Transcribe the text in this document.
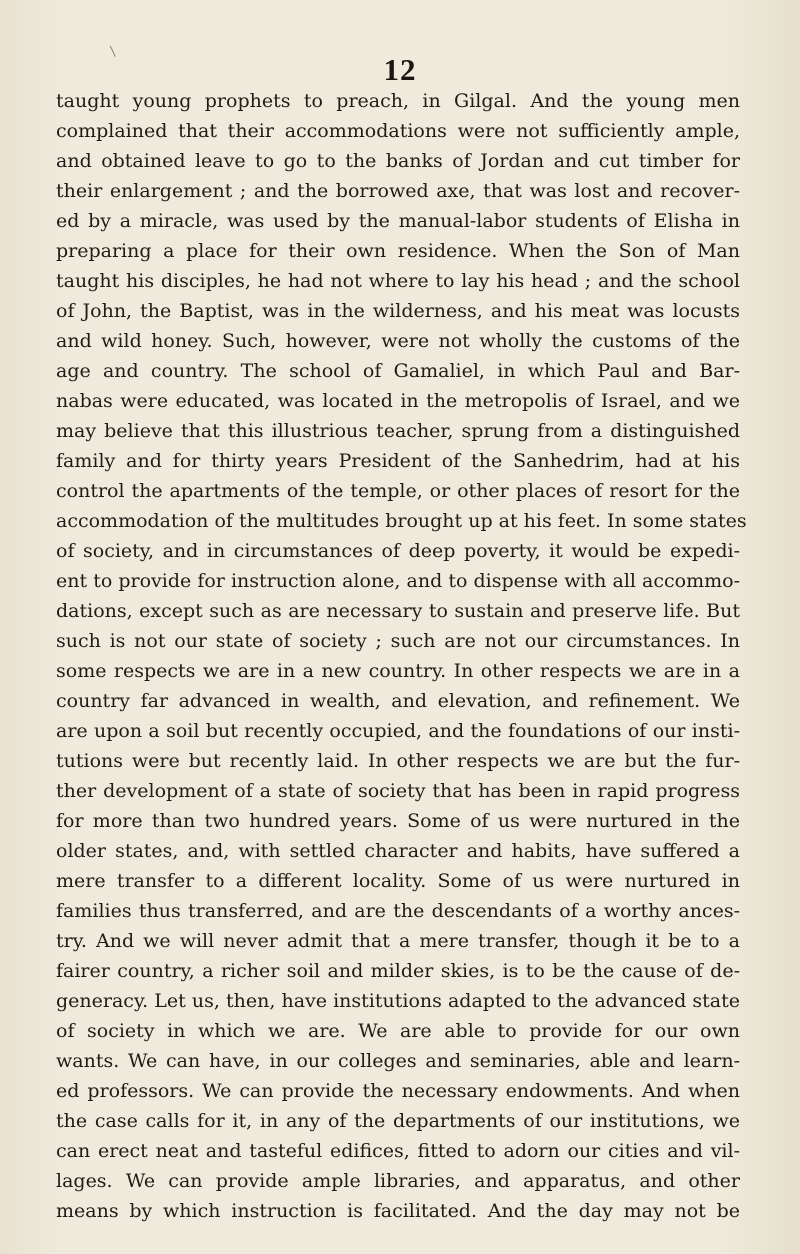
12
taught young prophets to preach, in Gilgal. And the young men
complained that their accommodations were not sufficiently ample,
and obtained leave to go to the banks of Jordan and cut timber for
their enlargement ; and the borrowed axe, that was lost and recover-
ed by a miracle, was used by the manual-labor students of Elisha in
preparing a place for their own residence. When the Son of Man
taught his disciples, he had not where to lay his head ; and the school
of John, the Baptist, was in the wilderness, and his meat was locusts
and wild honey. Such, however, were not wholly the customs of the
age and country. The school of Gamaliel, in which Paul and Bar-
nabas were educated, was located in the metropolis of Israel, and we
may believe that this illustrious teacher, sprung from a distinguished
family and for thirty years President of the Sanhedrim, had at his
control the apartments of the temple, or other places of resort for the
accommodation of the multitudes brought up at his feet. In some states
of society, and in circumstances of deep poverty, it would be expedi-
ent to provide for instruction alone, and to dispense with all accommo-
dations, except such as are necessary to sustain and preserve life. But
such is not our state of society ; such are not our circumstances. In
some respects we are in a new country. In other respects we are in a
country far advanced in wealth, and elevation, and refinement. We
are upon a soil but recently occupied, and the foundations of our insti-
tutions were but recently laid. In other respects we are but the fur-
ther development of a state of society that has been in rapid progress
for more than two hundred years. Some of us were nurtured in the
older states, and, with settled character and habits, have suffered a
mere transfer to a different locality. Some of us were nurtured in
families thus transferred, and are the descendants of a worthy ances-
try. And we will never admit that a mere transfer, though it be to a
fairer country, a richer soil and milder skies, is to be the cause of de-
generacy. Let us, then, have institutions adapted to the advanced state
of society in which we are. We are able to provide for our own
wants. We can have, in our colleges and seminaries, able and learn-
ed professors. We can provide the necessary endowments. And when
the case calls for it, in any of the departments of our institutions, we
can erect neat and tasteful edifices, fitted to adorn our cities and vil-
lages. We can provide ample libraries, and apparatus, and other
means by which instruction is facilitated. And the day may not be
